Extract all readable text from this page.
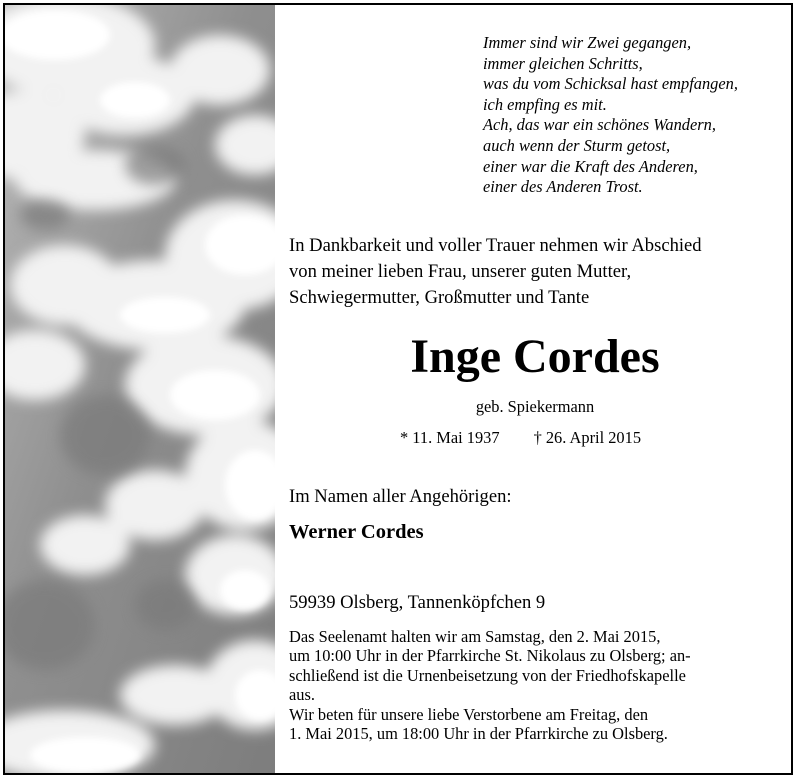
Immer sind wir Zwei gegangen,
immer gleichen Schritts,
was du vom Schicksal hast empfangen,
ich empfing es mit.
Ach, das war ein schönes Wandern,
auch wenn der Sturm getost,
einer war die Kraft des Anderen,
einer des Anderen Trost.
In Dankbarkeit und voller Trauer nehmen wir Abschied
von meiner lieben Frau, unserer guten Mutter,
Schwiegermutter, Großmutter und Tante
Inge Cordes
geb. Spiekermann
* 11. Mai 1937 † 26. April 2015
Im Namen aller Angehörigen:
Werner Cordes
59939 Olsberg, Tannenköpfchen 9
Das Seelenamt halten wir am Samstag, den 2. Mai 2015,
um 10:00 Uhr in der Pfarrkirche St. Nikolaus zu Olsberg; an-
schließend ist die Urnenbeisetzung von der Friedhofskapelle
aus.
Wir beten für unsere liebe Verstorbene am Freitag, den
1. Mai 2015, um 18:00 Uhr in der Pfarrkirche zu Olsberg.
